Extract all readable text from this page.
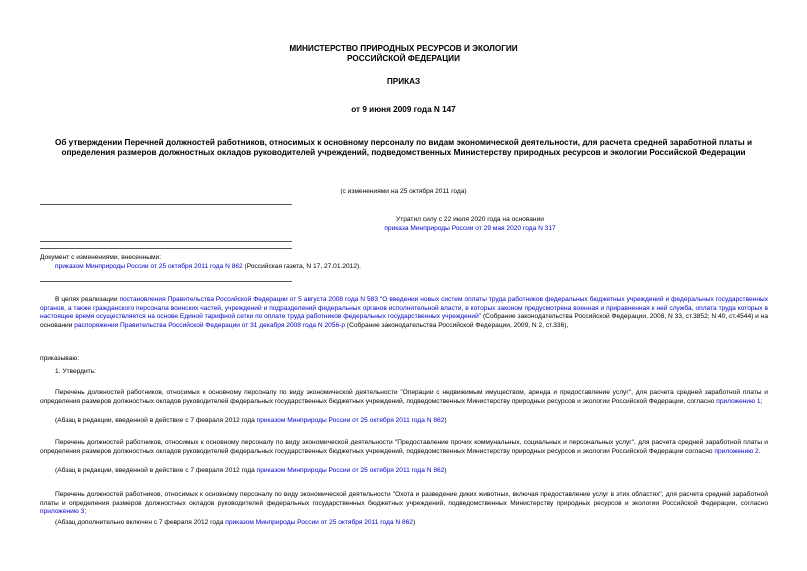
МИНИСТЕРСТВО ПРИРОДНЫХ РЕСУРСОВ И ЭКОЛОГИИ
РОССИЙСКОЙ ФЕДЕРАЦИИ
ПРИКАЗ
от 9 июня 2009 года N 147
Об утверждении Перечней должностей работников, относимых к основному персоналу по видам экономической деятельности, для расчета средней заработной платы и определения размеров должностных окладов руководителей учреждений, подведомственных Министерству природных ресурсов и экологии Российской Федерации
(с изменениями на 25 октября 2011 года)
Утратил силу с 22 июля 2020 года на основании
приказа Минприроды России от 29 мая 2020 года N 317
Документ с изменениями, внесенными:
приказом Минприроды России от 25 октября 2011 года N 862 (Российская газета, N 17, 27.01.2012).
В целях реализации постановления Правительства Российской Федерации от 5 августа 2008 года N 583 "О введении новых систем оплаты труда работников федеральных бюджетных учреждений и федеральных государственных органов, а также гражданского персонала воинских частей, учреждений и подразделений федеральных органов исполнительной власти, в которых законом предусмотрена военная и приравненная к ней служба, оплата труда которых в настоящее время осуществляется на основе Единой тарифной сетки по оплате труда работников федеральных государственных учреждений" (Собрание законодательства Российской Федерации, 2008, N 33, ст.3852; N 40, ст.4544) и на основании распоряжения Правительства Российской Федерации от 31 декабря 2008 года N 2056-р (Собрание законодательства Российской Федерации, 2009, N 2, ст.336),
приказываю:
1. Утвердить:
Перечень должностей работников, относимых к основному персоналу по виду экономической деятельности "Операции с недвижимым имуществом, аренда и предоставление услуг", для расчета средней заработной платы и определения размеров должностных окладов руководителей федеральных государственных бюджетных учреждений, подведомственных Министерству природных ресурсов и экологии Российской Федерации, согласно приложению 1;
(Абзац в редакции, введенной в действие с 7 февраля 2012 года приказом Минприроды России от 25 октября 2011 года N 862)
Перечень должностей работников, относимых к основному персоналу по виду экономической деятельности "Предоставление прочих коммунальных, социальных и персональных услуг", для расчета средней заработной платы и определения размеров должностных окладов руководителей федеральных государственных бюджетных учреждений, подведомственных Министерству природных ресурсов и экологии Российской Федерации согласно приложению 2.
(Абзац в редакции, введенной в действие с 7 февраля 2012 года приказом Минприроды России от 25 октября 2011 года N 862)
Перечень должностей работников, относимых к основному персоналу по виду экономической деятельности "Охота и разведение диких животных, включая предоставление услуг в этих областях", для расчета средней заработной платы и определения размеров должностных окладов руководителей федеральных государственных бюджетных учреждений, подведомственных Министерству природных ресурсов и экологии Российской Федерации, согласно приложению 3;
(Абзац дополнительно включен с 7 февраля 2012 года приказом Минприроды России от 25 октября 2011 года N 862)
